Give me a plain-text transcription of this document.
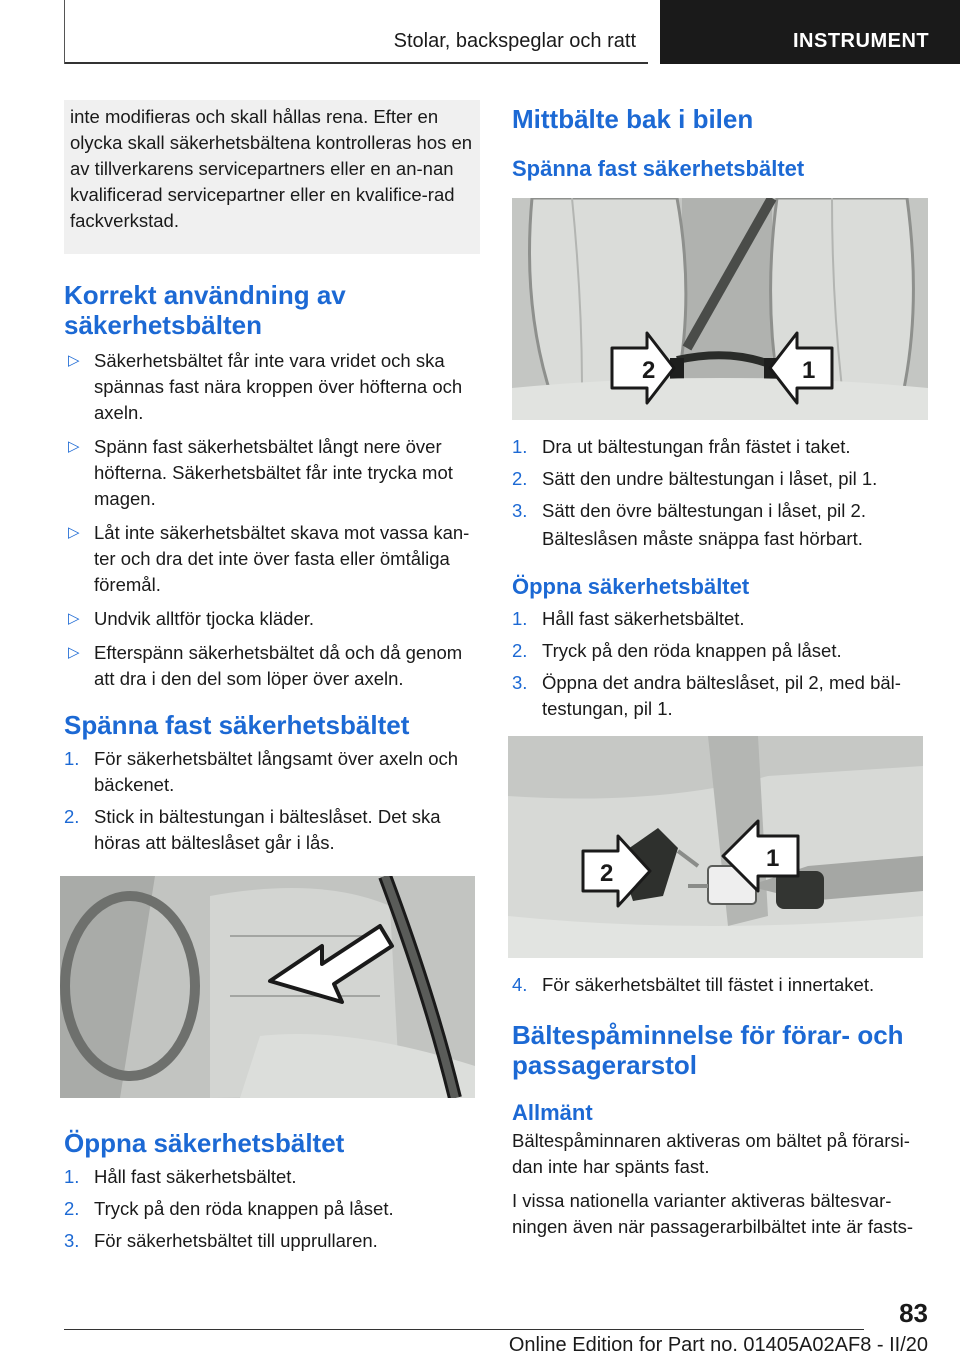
Stolar, backspeglar och ratt	INSTRUMENT

inte modifieras och skall hållas rena. Efter en olycka skall säkerhetsbältena kontrolleras hos en av tillverkarens servicepartners eller en an-nan kvalificerad servicepartner eller en kvalifice-rad fackverkstad.

Korrekt användning av säkerhetsbälten
▷ Säkerhetsbältet får inte vara vridet och ska spännas fast nära kroppen över höfterna och axeln.
▷ Spänn fast säkerhetsbältet långt nere över höfterna. Säkerhetsbältet får inte trycka mot magen.
▷ Låt inte säkerhetsbältet skava mot vassa kan-ter och dra det inte över fasta eller ömtåliga föremål.
▷ Undvik alltför tjocka kläder.
▷ Efterspänn säkerhetsbältet då och då genom att dra i den del som löper över axeln.
Spänna fast säkerhetsbältet
1. För säkerhetsbältet långsamt över axeln och bäckenet.
2. Stick in bältestungan i bälteslåset. Det ska höras att bälteslåset går i lås.
Öppna säkerhetsbältet
1. Håll fast säkerhetsbältet.
2. Tryck på den röda knappen på låset.
3. För säkerhetsbältet till upprullaren.
Mittbälte bak i bilen
Spänna fast säkerhetsbältet
2	1
1. Dra ut bältestungan från fästet i taket.
2. Sätt den undre bältestungan i låset, pil 1.
3. Sätt den övre bältestungan i låset, pil 2.

Bälteslåsen måste snäppa fast hörbart.

Öppna säkerhetsbältet
1. Håll fast säkerhetsbältet.
2. Tryck på den röda knappen på låset.
3. Öppna det andra bälteslåset, pil 2, med bäl-testungan, pil 1.
2
1
4. För säkerhetsbältet till fästet i innertaket.
Bältespåminnelse för förar- och passagerarstol
Allmänt

Bältespåminnaren aktiveras om bältet på förarsi-dan inte har spänts fast.

I vissa nationella varianter aktiveras bältesvar-ningen även när passagerarbilbältet inte är fasts-

83
Online Edition for Part no. 01405A02AF8 - II/20
